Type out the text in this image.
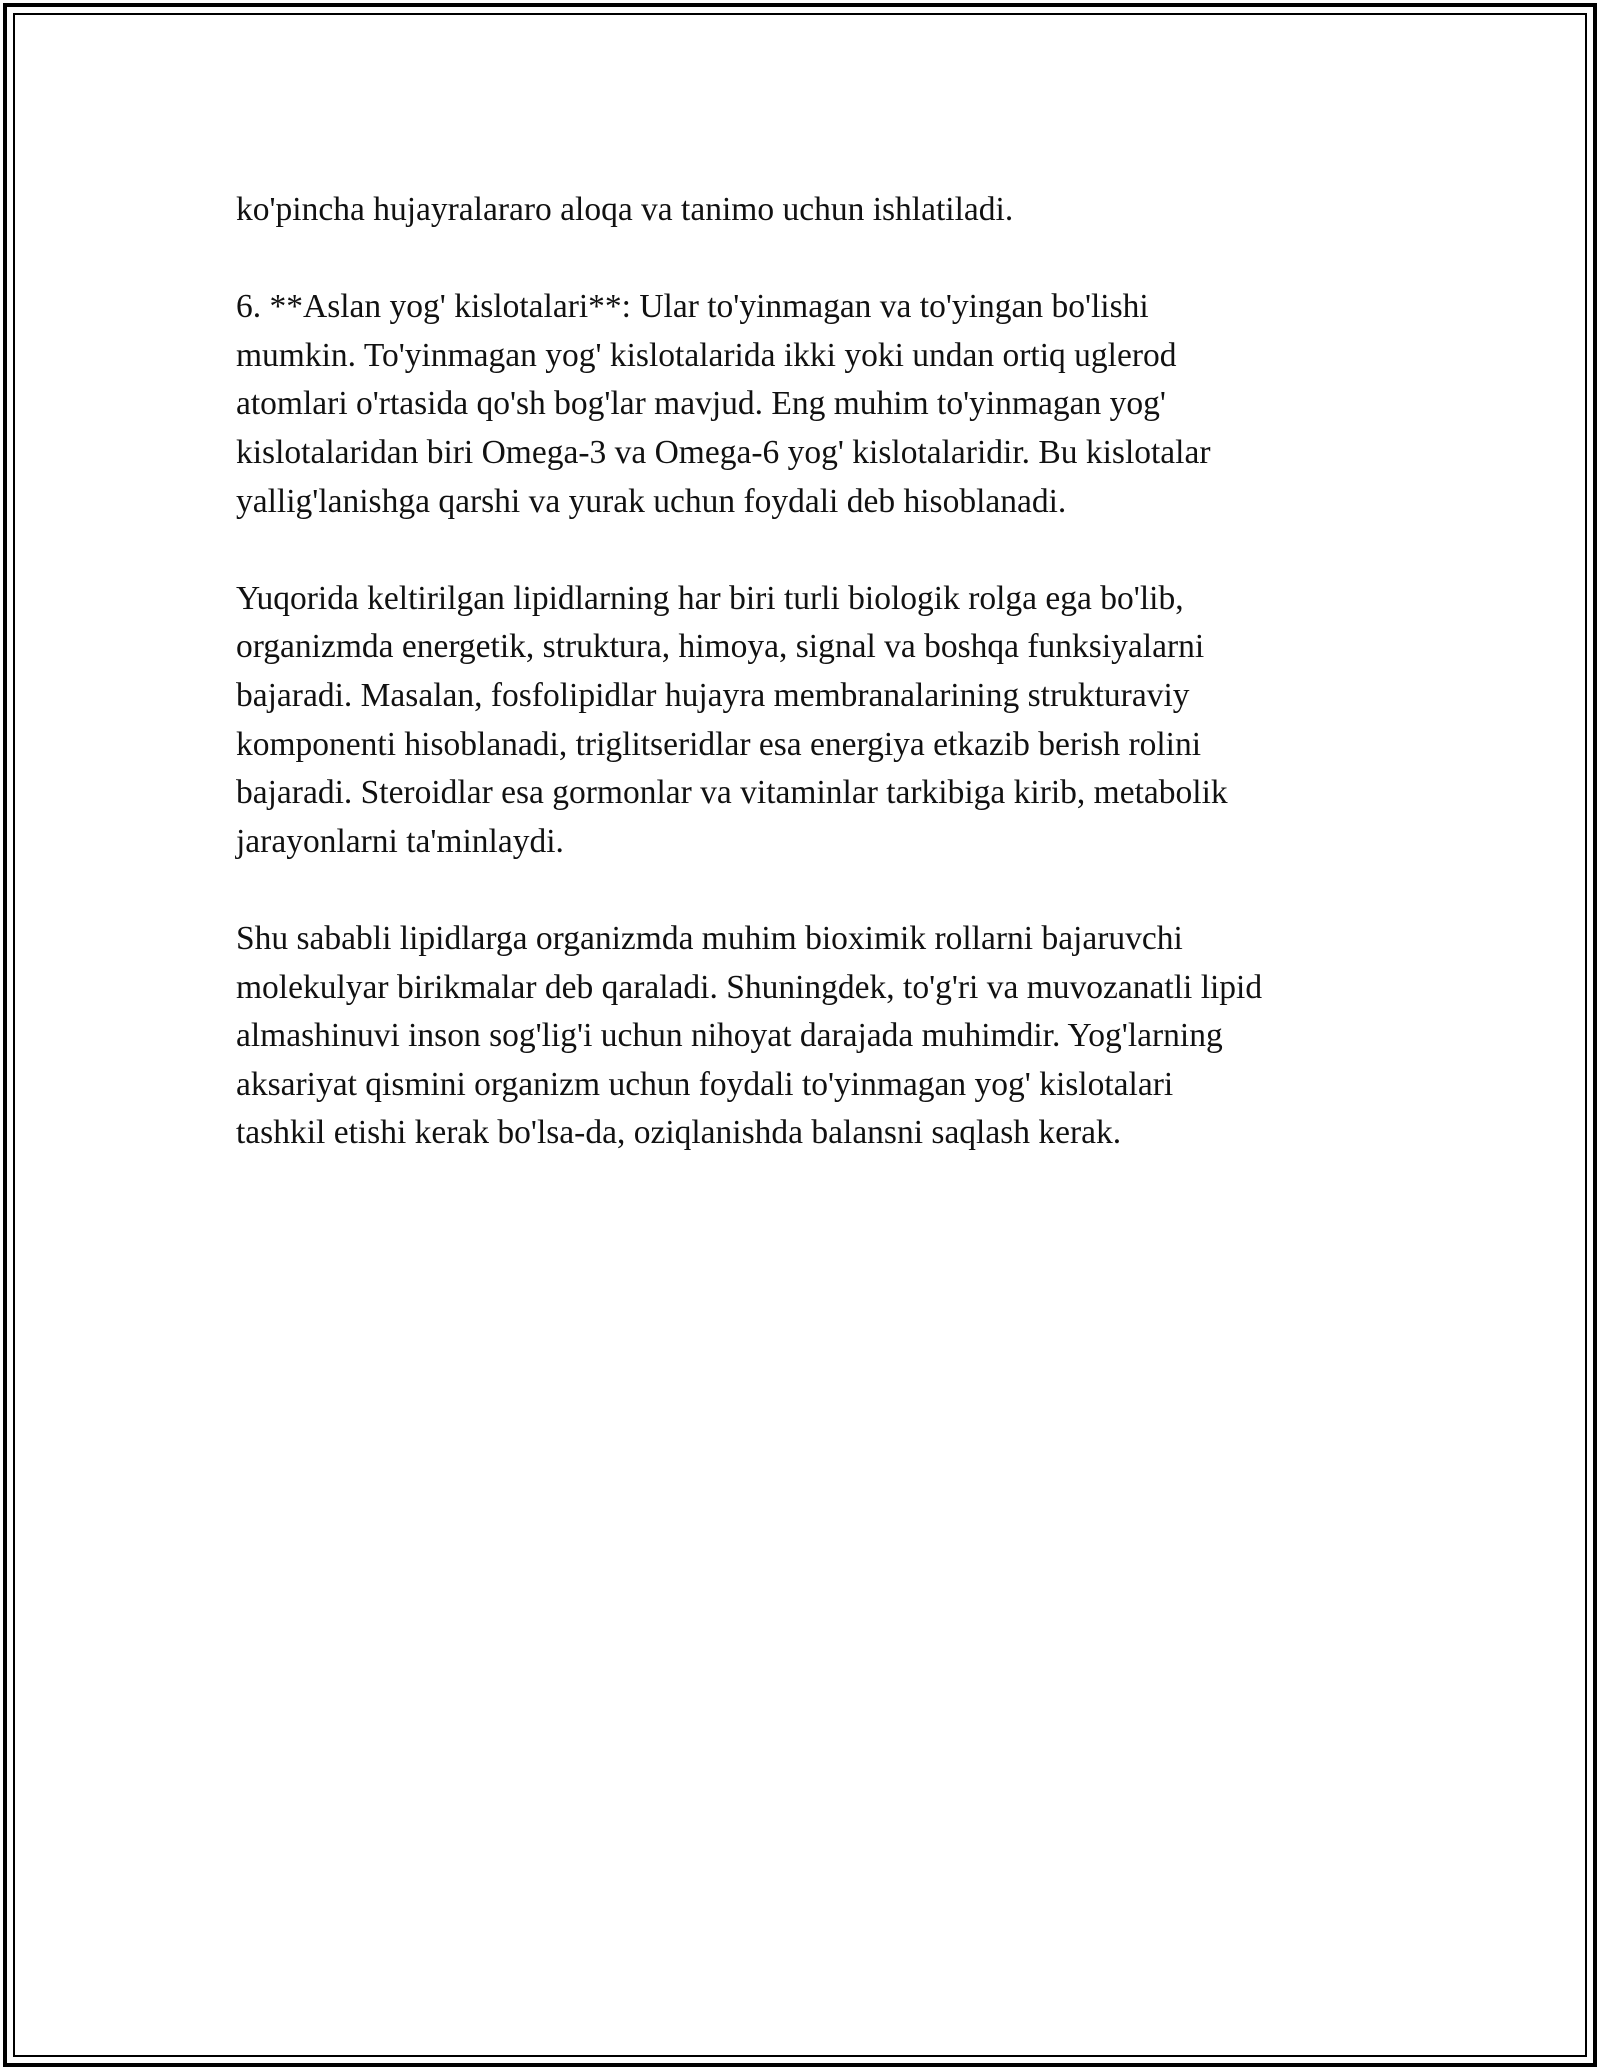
ko'pincha hujayralararo aloqa va tanimo uchun ishlatiladi.

6. **Aslan yog' kislotalari**: Ular to'yinmagan va to'yingan bo'lishi
mumkin. To'yinmagan yog' kislotalarida ikki yoki undan ortiq uglerod
atomlari o'rtasida qo'sh bog'lar mavjud. Eng muhim to'yinmagan yog'
kislotalaridan biri Omega-3 va Omega-6 yog' kislotalaridir. Bu kislotalar
yallig'lanishga qarshi va yurak uchun foydali deb hisoblanadi.

Yuqorida keltirilgan lipidlarning har biri turli biologik rolga ega bo'lib,
organizmda energetik, struktura, himoya, signal va boshqa funksiyalarni
bajaradi. Masalan, fosfolipidlar hujayra membranalarining strukturaviy
komponenti hisoblanadi, triglitseridlar esa energiya etkazib berish rolini
bajaradi. Steroidlar esa gormonlar va vitaminlar tarkibiga kirib, metabolik
jarayonlarni ta'minlaydi.

Shu sababli lipidlarga organizmda muhim bioximik rollarni bajaruvchi
molekulyar birikmalar deb qaraladi. Shuningdek, to'g'ri va muvozanatli lipid
almashinuvi inson sog'lig'i uchun nihoyat darajada muhimdir. Yog'larning
aksariyat qismini organizm uchun foydali to'yinmagan yog' kislotalari
tashkil etishi kerak bo'lsa-da, oziqlanishda balansni saqlash kerak.
